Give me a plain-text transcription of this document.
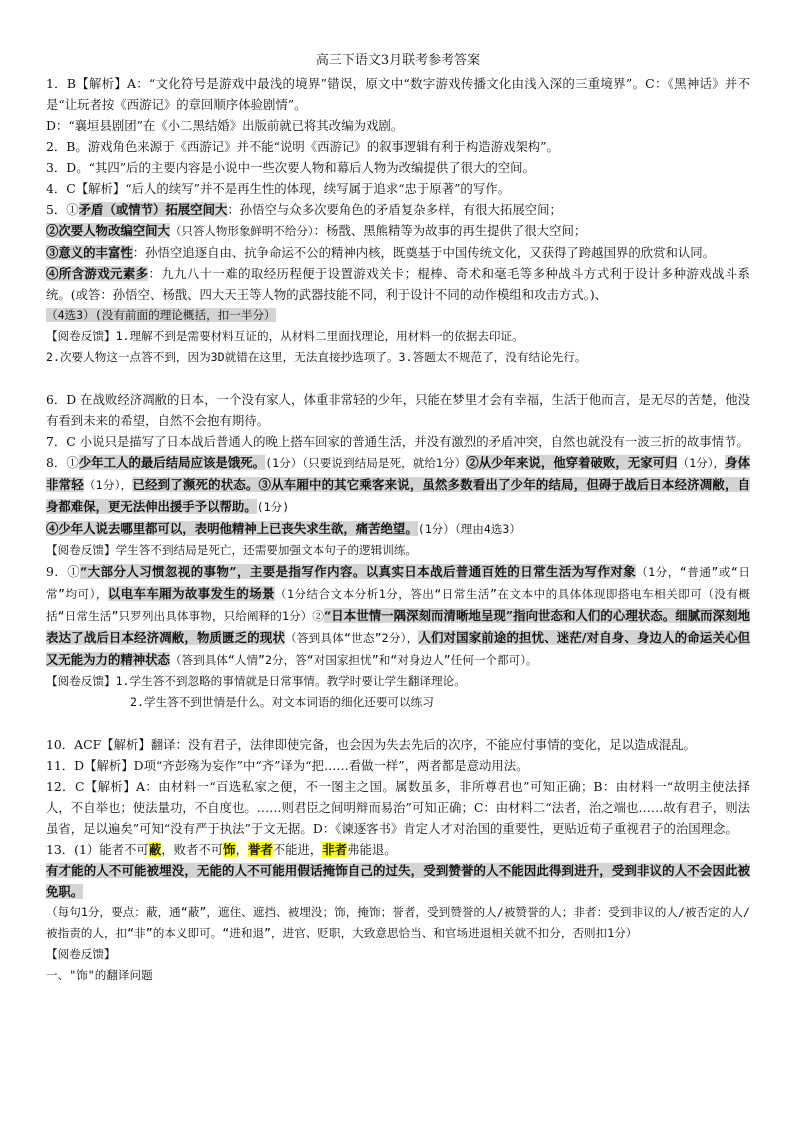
高三下语文3月联考参考答案

1．B【解析】A：“文化符号是游戏中最浅的境界”错误，原文中“数字游戏传播文化由浅入深的三重境界”。C：《黑神话》并不是“让玩者按《西游记》的章回顺序体验剧情”。

D：“襄垣县剧团”在《小二黑结婚》出版前就已将其改编为戏剧。

2．B。游戏角色来源于《西游记》并不能“说明《西游记》的叙事逻辑有利于构造游戏架构”。

3．D。“其四”后的主要内容是小说中一些次要人物和幕后人物为改编提供了很大的空间。

4．C【解析】“后人的续写”并不是再生性的体现，续写属于追求“忠于原著”的写作。

5．①矛盾（或情节）拓展空间大：孙悟空与众多次要角色的矛盾复杂多样，有很大拓展空间；

②次要人物改编空间大（只答人物形象鲜明不给分）：杨戬、黑熊精等为故事的再生提供了很大空间；

③意义的丰富性：孙悟空追逐自由、抗争命运不公的精神内核，既奠基于中国传统文化，又获得了跨越国界的欣赏和认同。

④所含游戏元素多：九九八十一难的取经历程便于设置游戏关卡；棍棒、奇术和毫毛等多种战斗方式利于设计多种游戏战斗系统。(或答：孙悟空、杨戬、四大天王等人物的武器技能不同，利于设计不同的动作模组和攻击方式。)、

（4选3）(没有前面的理论概括，扣一半分）

【阅卷反馈】1.理解不到是需要材料互证的，从材料二里面找理论，用材料一的依据去印证。

2.次要人物这一点答不到，因为3D就错在这里，无法直接抄选项了。3.答题太不规范了，没有结论先行。

6．D 在战败经济凋敝的日本，一个没有家人，体重非常轻的少年，只能在梦里才会有幸福，生活于他而言，是无尽的苦楚，他没有看到未来的希望，自然不会抱有期待。

7．C 小说只是描写了日本战后普通人的晚上搭车回家的普通生活，并没有激烈的矛盾冲突，自然也就没有一波三折的故事情节。

8．①少年工人的最后结局应该是饿死。(1分）（只要说到结局是死，就给1分）②从少年来说，他穿着破败，无家可归（1分），身体非常轻（1分），已经到了濒死的状态。③从车厢中的其它乘客来说，虽然多数看出了少年的结局，但碍于战后日本经济凋敝，自身都难保，更无法伸出援手予以帮助。(1分)

④少年人说去哪里都可以，表明他精神上已丧失求生欲，痛苦绝望。(1分）（理由4选3）

【阅卷反馈】学生答不到结局是死亡，还需要加强文本句子的逻辑训练。

9．①“大部分人习惯忽视的事物”，主要是指写作内容。以真实日本战后普通百姓的日常生活为写作对象（1分，“普通”或“日常”均可），以电车车厢为故事发生的场景（1分结合文本分析1分，答出“日常生活”在文本中的具体体现即搭电车相关即可（没有概括“日常生活”只罗列出具体事物，只给阐释的1分）②“日本世情一隅深刻而清晰地呈现”指向世态和人们的心理状态。细腻而深刻地表达了战后日本经济凋敝，物质匮乏的现状（答到具体“世态”2分），人们对国家前途的担忧、迷茫/对自身、身边人的命运关心但又无能为力的精神状态（答到具体“人情”2分，答“对国家担忧”和“对身边人”任何一个都可）。

【阅卷反馈】1.学生答不到忽略的事情就是日常事情。教学时要让学生翻译理论。

2.学生答不到世情是什么。对文本词语的细化还要可以练习

10．ACF【解析】翻译：没有君子，法律即使完备，也会因为失去先后的次序，不能应付事情的变化，足以造成混乱。

11．D【解析】D项“齐彭殇为妄作”中“齐”译为“把……看做一样”，两者都是意动用法。

12．C【解析】A：由材料一“百选私家之便，不一图主之国。属数虽多，非所尊君也”可知正确；B：由材料一“故明主使法择人，不自举也；使法量功，不自度也。……则君臣之间明辩而易治”可知正确；C：由材料二“法者，治之端也……故有君子，则法虽省，足以遍矣”可知“没有严于执法”于文无据。D：《谏逐客书》肯定人才对治国的重要性，更贴近荀子重视君子的治国理念。

13．(1）能者不可蔽，败者不可饰，誉者不能进，非者弗能退。

有才能的人不可能被埋没，无能的人不可能用假话掩饰自己的过失，受到赞誉的人不能因此得到进升，受到非议的人不会因此被免职。

（每句1分，要点：蔽，通“蔽”，遮住、遮挡、被埋没；饰，掩饰；誉者，受到赞誉的人/被赞誉的人；非者：受到非议的人/被否定的人/被指责的人，扣“非”的本义即可。“进和退”，进官、贬职，大致意思恰当、和官场进退相关就不扣分，否则扣1分）

【阅卷反馈】

一、"饰"的翻译问题
